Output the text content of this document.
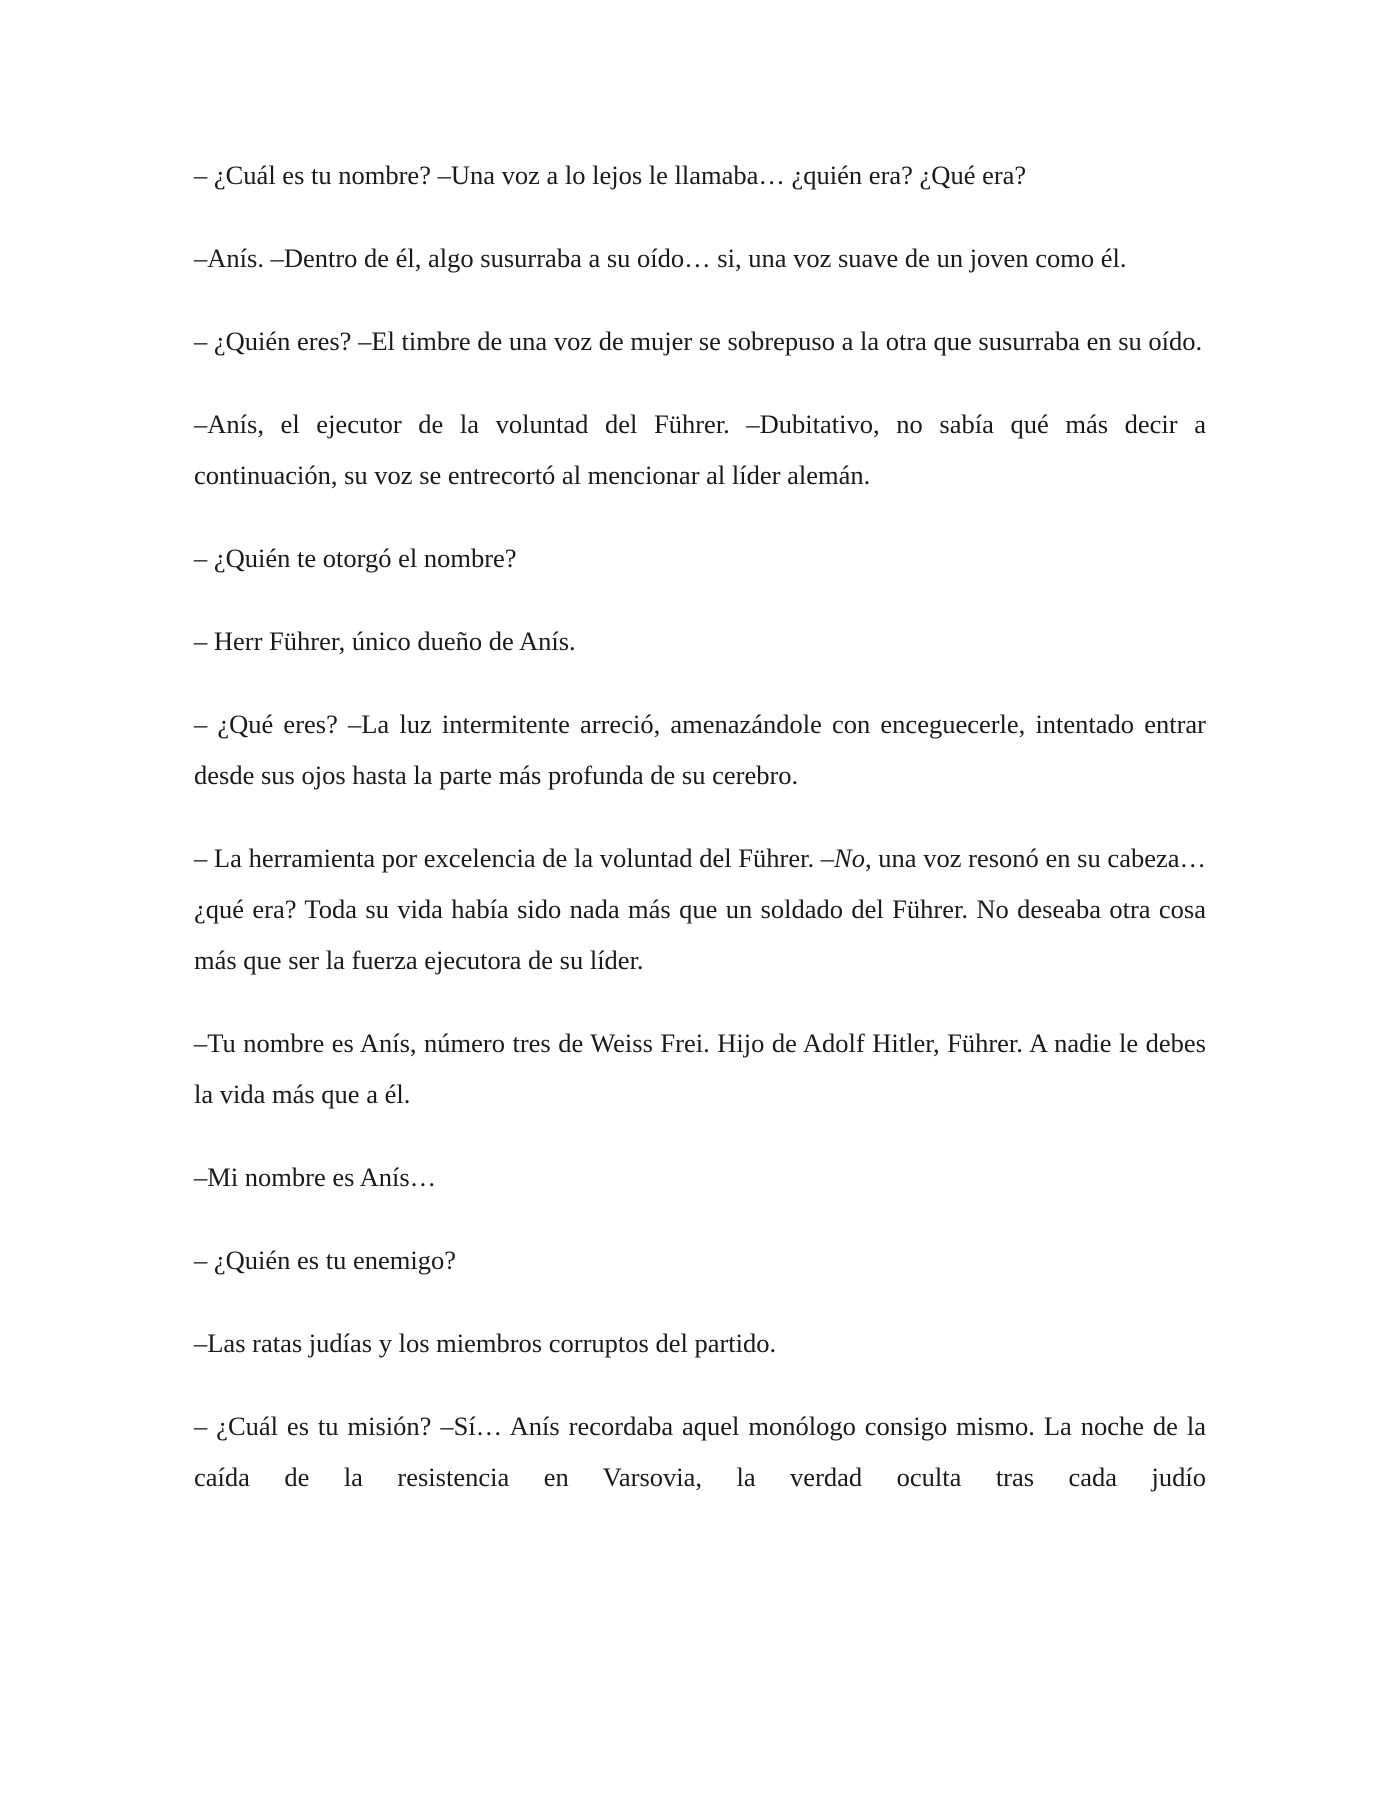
– ¿Cuál es tu nombre? –Una voz a lo lejos le llamaba… ¿quién era? ¿Qué era?

–Anís. –Dentro de él, algo susurraba a su oído… si, una voz suave de un joven como él.

– ¿Quién eres? –El timbre de una voz de mujer se sobrepuso a la otra que susurraba en su oído.

–Anís, el ejecutor de la voluntad del Führer. –Dubitativo, no sabía qué más decir a continuación, su voz se entrecortó al mencionar al líder alemán.

– ¿Quién te otorgó el nombre?

– Herr Führer, único dueño de Anís.

– ¿Qué eres? –La luz intermitente arreció, amenazándole con enceguecerle, intentado entrar desde sus ojos hasta la parte más profunda de su cerebro.

– La herramienta por excelencia de la voluntad del Führer. –No, una voz resonó en su cabeza… ¿qué era? Toda su vida había sido nada más que un soldado del Führer. No deseaba otra cosa más que ser la fuerza ejecutora de su líder.

–Tu nombre es Anís, número tres de Weiss Frei. Hijo de Adolf Hitler, Führer. A nadie le debes la vida más que a él.

–Mi nombre es Anís…

– ¿Quién es tu enemigo?

–Las ratas judías y los miembros corruptos del partido.

– ¿Cuál es tu misión? –Sí… Anís recordaba aquel monólogo consigo mismo. La noche de la caída de la resistencia en Varsovia, la verdad oculta tras cada judío
